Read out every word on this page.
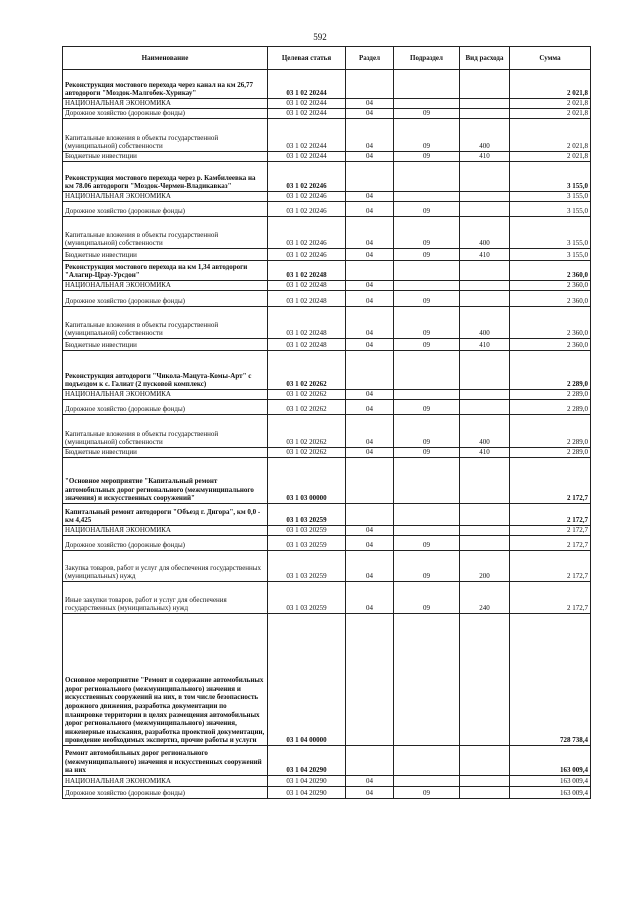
592
Наименование	Целевая статья	Раздел	Подраздел	Вид расхода	Сумма
Реконструкция мостового перехода через канал на км 26,77 автодороги "Моздок-Малгобек-Хурикау"	03 1 02 20244				2 021,8
НАЦИОНАЛЬНАЯ ЭКОНОМИКА	03 1 02 20244	04			2 021,8
Дорожное хозяйство (дорожные фонды)	03 1 02 20244	04	09		2 021,8
Капитальные вложения в объекты государственной (муниципальной) собственности	03 1 02 20244	04	09	400	2 021,8
Бюджетные инвестиции	03 1 02 20244	04	09	410	2 021,8
Реконструкция мостового перехода через р. Камбилеевка на км 78.06 автодороги "Моздок-Чермен-Владикавказ"	03 1 02 20246				3 155,0
НАЦИОНАЛЬНАЯ ЭКОНОМИКА	03 1 02 20246	04			3 155,0
Дорожное хозяйство (дорожные фонды)	03 1 02 20246	04	09		3 155,0
Капитальные вложения в объекты государственной (муниципальной) собственности	03 1 02 20246	04	09	400	3 155,0
Бюджетные инвестиции	03 1 02 20246	04	09	410	3 155,0
Реконструкция мостового перехода на км 1,34 автодороги "Алагир-Црау-Урсдон"	03 1 02 20248				2 360,0
НАЦИОНАЛЬНАЯ ЭКОНОМИКА	03 1 02 20248	04			2 360,0
Дорожное хозяйство (дорожные фонды)	03 1 02 20248	04	09		2 360,0
Капитальные вложения в объекты государственной (муниципальной) собственности	03 1 02 20248	04	09	400	2 360,0
Бюджетные инвестиции	03 1 02 20248	04	09	410	2 360,0
Реконструкция автодороги "Чикола-Мацута-Комы-Арт" с подъездом к с. Галиат (2 пусковой комплекс)	03 1 02 20262				2 289,0
НАЦИОНАЛЬНАЯ ЭКОНОМИКА	03 1 02 20262	04			2 289,0
Дорожное хозяйство (дорожные фонды)	03 1 02 20262	04	09		2 289,0
Капитальные вложения в объекты государственной (муниципальной) собственности	03 1 02 20262	04	09	400	2 289,0
Бюджетные инвестиции	03 1 02 20262	04	09	410	2 289,0
"Основное мероприятие "Капитальный ремонт автомобильных дорог регионального (межмуниципального значения) и искусственных сооружений"	03 1 03 00000				2 172,7
Капитальный ремонт автодороги "Объезд г. Дигора", км 0,0 - км 4,425	03 1 03 20259				2 172,7
НАЦИОНАЛЬНАЯ ЭКОНОМИКА	03 1 03 20259	04			2 172,7
Дорожное хозяйство (дорожные фонды)	03 1 03 20259	04	09		2 172,7
Закупка товаров, работ и услуг для обеспечения государственных (муниципальных) нужд	03 1 03 20259	04	09	200	2 172,7
Иные закупки товаров, работ и услуг для обеспечения государственных (муниципальных) нужд	03 1 03 20259	04	09	240	2 172,7
Основное мероприятие "Ремонт и содержание автомобильных дорог регионального (межмуниципального) значения и искусственных сооружений на них, в том числе безопасность дорожного движения, разработка документации по планировке территории в целях размещения автомобильных дорог регионального (межмуниципального) значения, инженерные изыскания, разработка проектной документации, проведение необходимых экспертиз, прочие работы и услуги	03 1 04 00000				728 738,4
Ремонт автомобильных дорог регионального (межмуниципального) значения и искусственных сооружений на них	03 1 04 20290				163 009,4
НАЦИОНАЛЬНАЯ ЭКОНОМИКА	03 1 04 20290	04			163 009,4
Дорожное хозяйство (дорожные фонды)	03 1 04 20290	04	09		163 009,4
